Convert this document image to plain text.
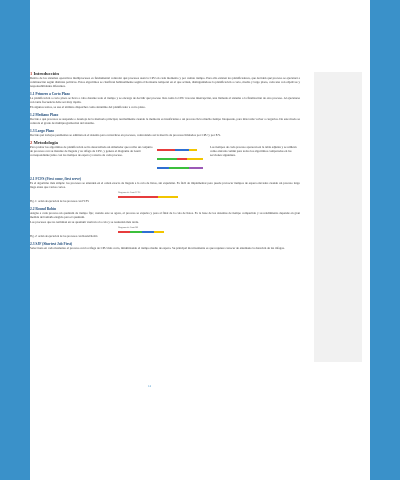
1 Introducción

Dentro de los sistemas operativos multiprocesos es fundamental controlar qué procesos usan la CPU en cada momento y por cuánto tiempo. Para ello existen los planificadores, que deciden qué proceso se ejecutará a continuación según distintas políticas. Estos algoritmos se clasifican habitualmente según el horizonte temporal en el que actúan, distinguiéndose la planificación a corto, medio y largo plazo, cada una con objetivos y responsabilidades diferentes.

1.1 Primero a Corto Plazo

La planificación a corto plazo se lleva a cabo durante todo el tiempo y se encarga de decidir qué proceso listo toma la CPU tras una interrupción, una llamada al sistema o la finalización de otro proceso. Al ejecutarse con tanta frecuencia debe ser muy rápida.

En algunos textos, se usa el término dispatcher como sinónimo del planificador a corto plazo.

1.2 Mediano Plazo

Decide a qué procesos se suspende o desaloja de la memoria principal, normalmente cuando la memoria es insuficiente o un proceso lleva mucho tiempo bloqueado, para más tarde volver a cargarlos. De este modo se controla el grado de multiprogramación del sistema.

1.3 Largo Plazo

Decide qué trabajos pendientes se admiten en el sistema para convertirse en procesos, controlando así la mezcla de procesos limitados por CPU y por E/S.

2 Metodología
Para probar los algoritmos de planificación se ha desarrollado un simulador que recibe un conjunto de procesos con su instante de llegada y su ráfaga de CPU, y genera el diagrama de Gantt correspondiente junto con los tiempos de espera y retorno de cada proceso.
Los tiempos de cada proceso aparecen en la tabla adjunta y se utilizan como entrada común para todos los algoritmos comparados en las secciones siguientes.
2.1 FCFS (First come, first serve)

Es el algoritmo más simple: los procesos se atienden en el orden exacto de llegada a la cola de listos, sin expulsión. Es fácil de implementar pero puede provocar tiempos de espera elevados cuando un proceso largo llega antes que varios cortos.

Diagrama de Gantt FCFS

Fig. 1: orden de ejecución de los procesos con FCFS

2.2 Round Robin

Asigna a cada proceso un quantum de tiempo fijo; cuando este se agota, el proceso se expulsa y pasa al final de la cola de listos. Es la base de los sistemas de tiempo compartido y su rendimiento depende en gran medida del tamaño elegido para el quantum.

Los procesos que no terminan en su quantum vuelven a la cola y se reanudan más tarde.

Diagrama de Gantt RR

Fig. 2: orden de ejecución de los procesos con Round Robin

2.3 SJF (Shortest Job First)

Selecciona en cada momento el proceso con la ráfaga de CPU más corta, minimizando el tiempo medio de espera. Su principal inconveniente es que requiere conocer de antemano la duración de las ráfagas.

14
